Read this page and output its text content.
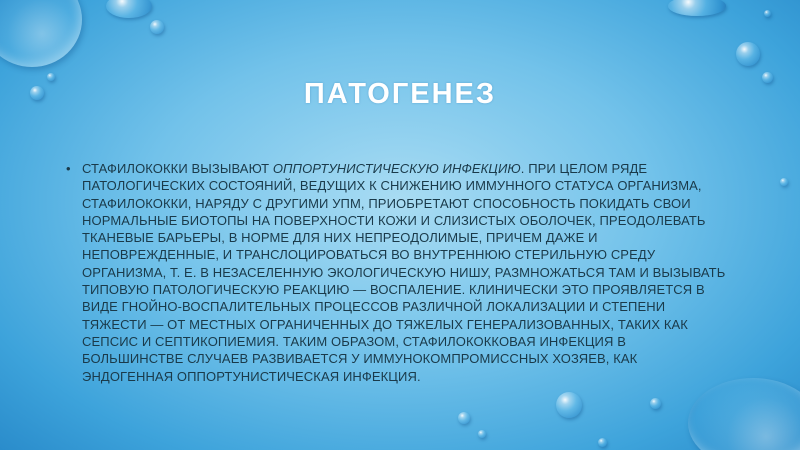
ПАТОГЕНЕЗ
• СТАФИЛОКОККИ ВЫЗЫВАЮТ ОППОРТУНИСТИЧЕСКУЮ ИНФЕКЦИЮ. ПРИ ЦЕЛОМ РЯДЕ ПАТОЛОГИЧЕСКИХ СОСТОЯНИЙ, ВЕДУЩИХ К СНИЖЕНИЮ ИММУННОГО СТАТУСА ОРГАНИЗМА, СТАФИЛОКОККИ, НАРЯДУ С ДРУГИМИ УПМ, ПРИОБРЕТАЮТ СПОСОБНОСТЬ ПОКИДАТЬ СВОИ НОРМАЛЬНЫЕ БИОТОПЫ НА ПОВЕРХНОСТИ КОЖИ И СЛИЗИСТЫХ ОБОЛОЧЕК, ПРЕОДОЛЕВАТЬ ТКАНЕВЫЕ БАРЬЕРЫ, В НОРМЕ ДЛЯ НИХ НЕПРЕОДОЛИМЫЕ, ПРИЧЕМ ДАЖЕ И НЕПОВРЕЖДЕННЫЕ, И ТРАНСЛОЦИРОВАТЬСЯ ВО ВНУТРЕННЮЮ СТЕРИЛЬНУЮ СРЕДУ ОРГАНИЗМА, Т. Е. В НЕЗАСЕЛЕННУЮ ЭКОЛОГИЧЕСКУЮ НИШУ, РАЗМНОЖАТЬСЯ ТАМ И ВЫЗЫВАТЬ ТИПОВУЮ ПАТОЛОГИЧЕСКУЮ РЕАКЦИЮ — ВОСПАЛЕНИЕ. КЛИНИЧЕСКИ ЭТО ПРОЯВЛЯЕТСЯ В ВИДЕ ГНОЙНО-ВОСПАЛИТЕЛЬНЫХ ПРОЦЕССОВ РАЗЛИЧНОЙ ЛОКАЛИЗАЦИИ И СТЕПЕНИ ТЯЖЕСТИ — ОТ МЕСТНЫХ ОГРАНИЧЕННЫХ ДО ТЯЖЕЛЫХ ГЕНЕРАЛИЗОВАННЫХ, ТАКИХ КАК СЕПСИС И СЕПТИКОПИЕМИЯ. ТАКИМ ОБРАЗОМ, СТАФИЛОКОККОВАЯ ИНФЕКЦИЯ В БОЛЬШИНСТВЕ СЛУЧАЕВ РАЗВИВАЕТСЯ У ИММУНОКОМПРОМИССНЫХ ХОЗЯЕВ, КАК ЭНДОГЕННАЯ ОППОРТУНИСТИЧЕСКАЯ ИНФЕКЦИЯ.
